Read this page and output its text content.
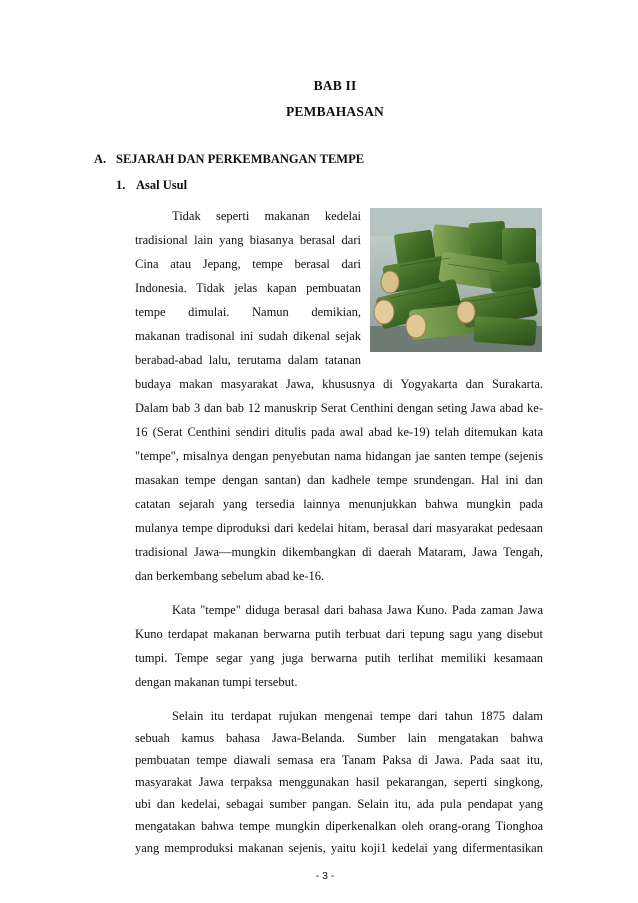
BAB II
PEMBAHASAN
A. SEJARAH DAN PERKEMBANGAN TEMPE
1. Asal Usul
Tidak seperti makanan kedelai
tradisional lain yang biasanya berasal dari
Cina atau Jepang, tempe berasal dari
Indonesia. Tidak jelas kapan pembuatan
tempe dimulai. Namun demikian,
makanan tradisonal ini sudah dikenal sejak
berabad-abad lalu, terutama dalam tatanan
budaya makan masyarakat Jawa, khususnya di Yogyakarta dan Surakarta.
Dalam bab 3 dan bab 12 manuskrip Serat Centhini dengan seting Jawa abad ke-
16 (Serat Centhini sendiri ditulis pada awal abad ke-19) telah ditemukan kata
"tempe", misalnya dengan penyebutan nama hidangan jae santen tempe (sejenis
masakan tempe dengan santan) dan kadhele tempe srundengan. Hal ini dan
catatan sejarah yang tersedia lainnya menunjukkan bahwa mungkin pada
mulanya tempe diproduksi dari kedelai hitam, berasal dari masyarakat pedesaan
tradisional Jawa—mungkin dikembangkan di daerah Mataram, Jawa Tengah,
dan berkembang sebelum abad ke-16.
Kata "tempe" diduga berasal dari bahasa Jawa Kuno. Pada zaman Jawa
Kuno terdapat makanan berwarna putih terbuat dari tepung sagu yang disebut
tumpi. Tempe segar yang juga berwarna putih terlihat memiliki kesamaan
dengan makanan tumpi tersebut.
Selain itu terdapat rujukan mengenai tempe dari tahun 1875 dalam
sebuah kamus bahasa Jawa-Belanda. Sumber lain mengatakan bahwa
pembuatan tempe diawali semasa era Tanam Paksa di Jawa. Pada saat itu,
masyarakat Jawa terpaksa menggunakan hasil pekarangan, seperti singkong,
ubi dan kedelai, sebagai sumber pangan. Selain itu, ada pula pendapat yang
mengatakan bahwa tempe mungkin diperkenalkan oleh orang-orang Tionghoa
- 3 -
yang memproduksi makanan sejenis, yaitu koji1 kedelai yang difermentasikan
